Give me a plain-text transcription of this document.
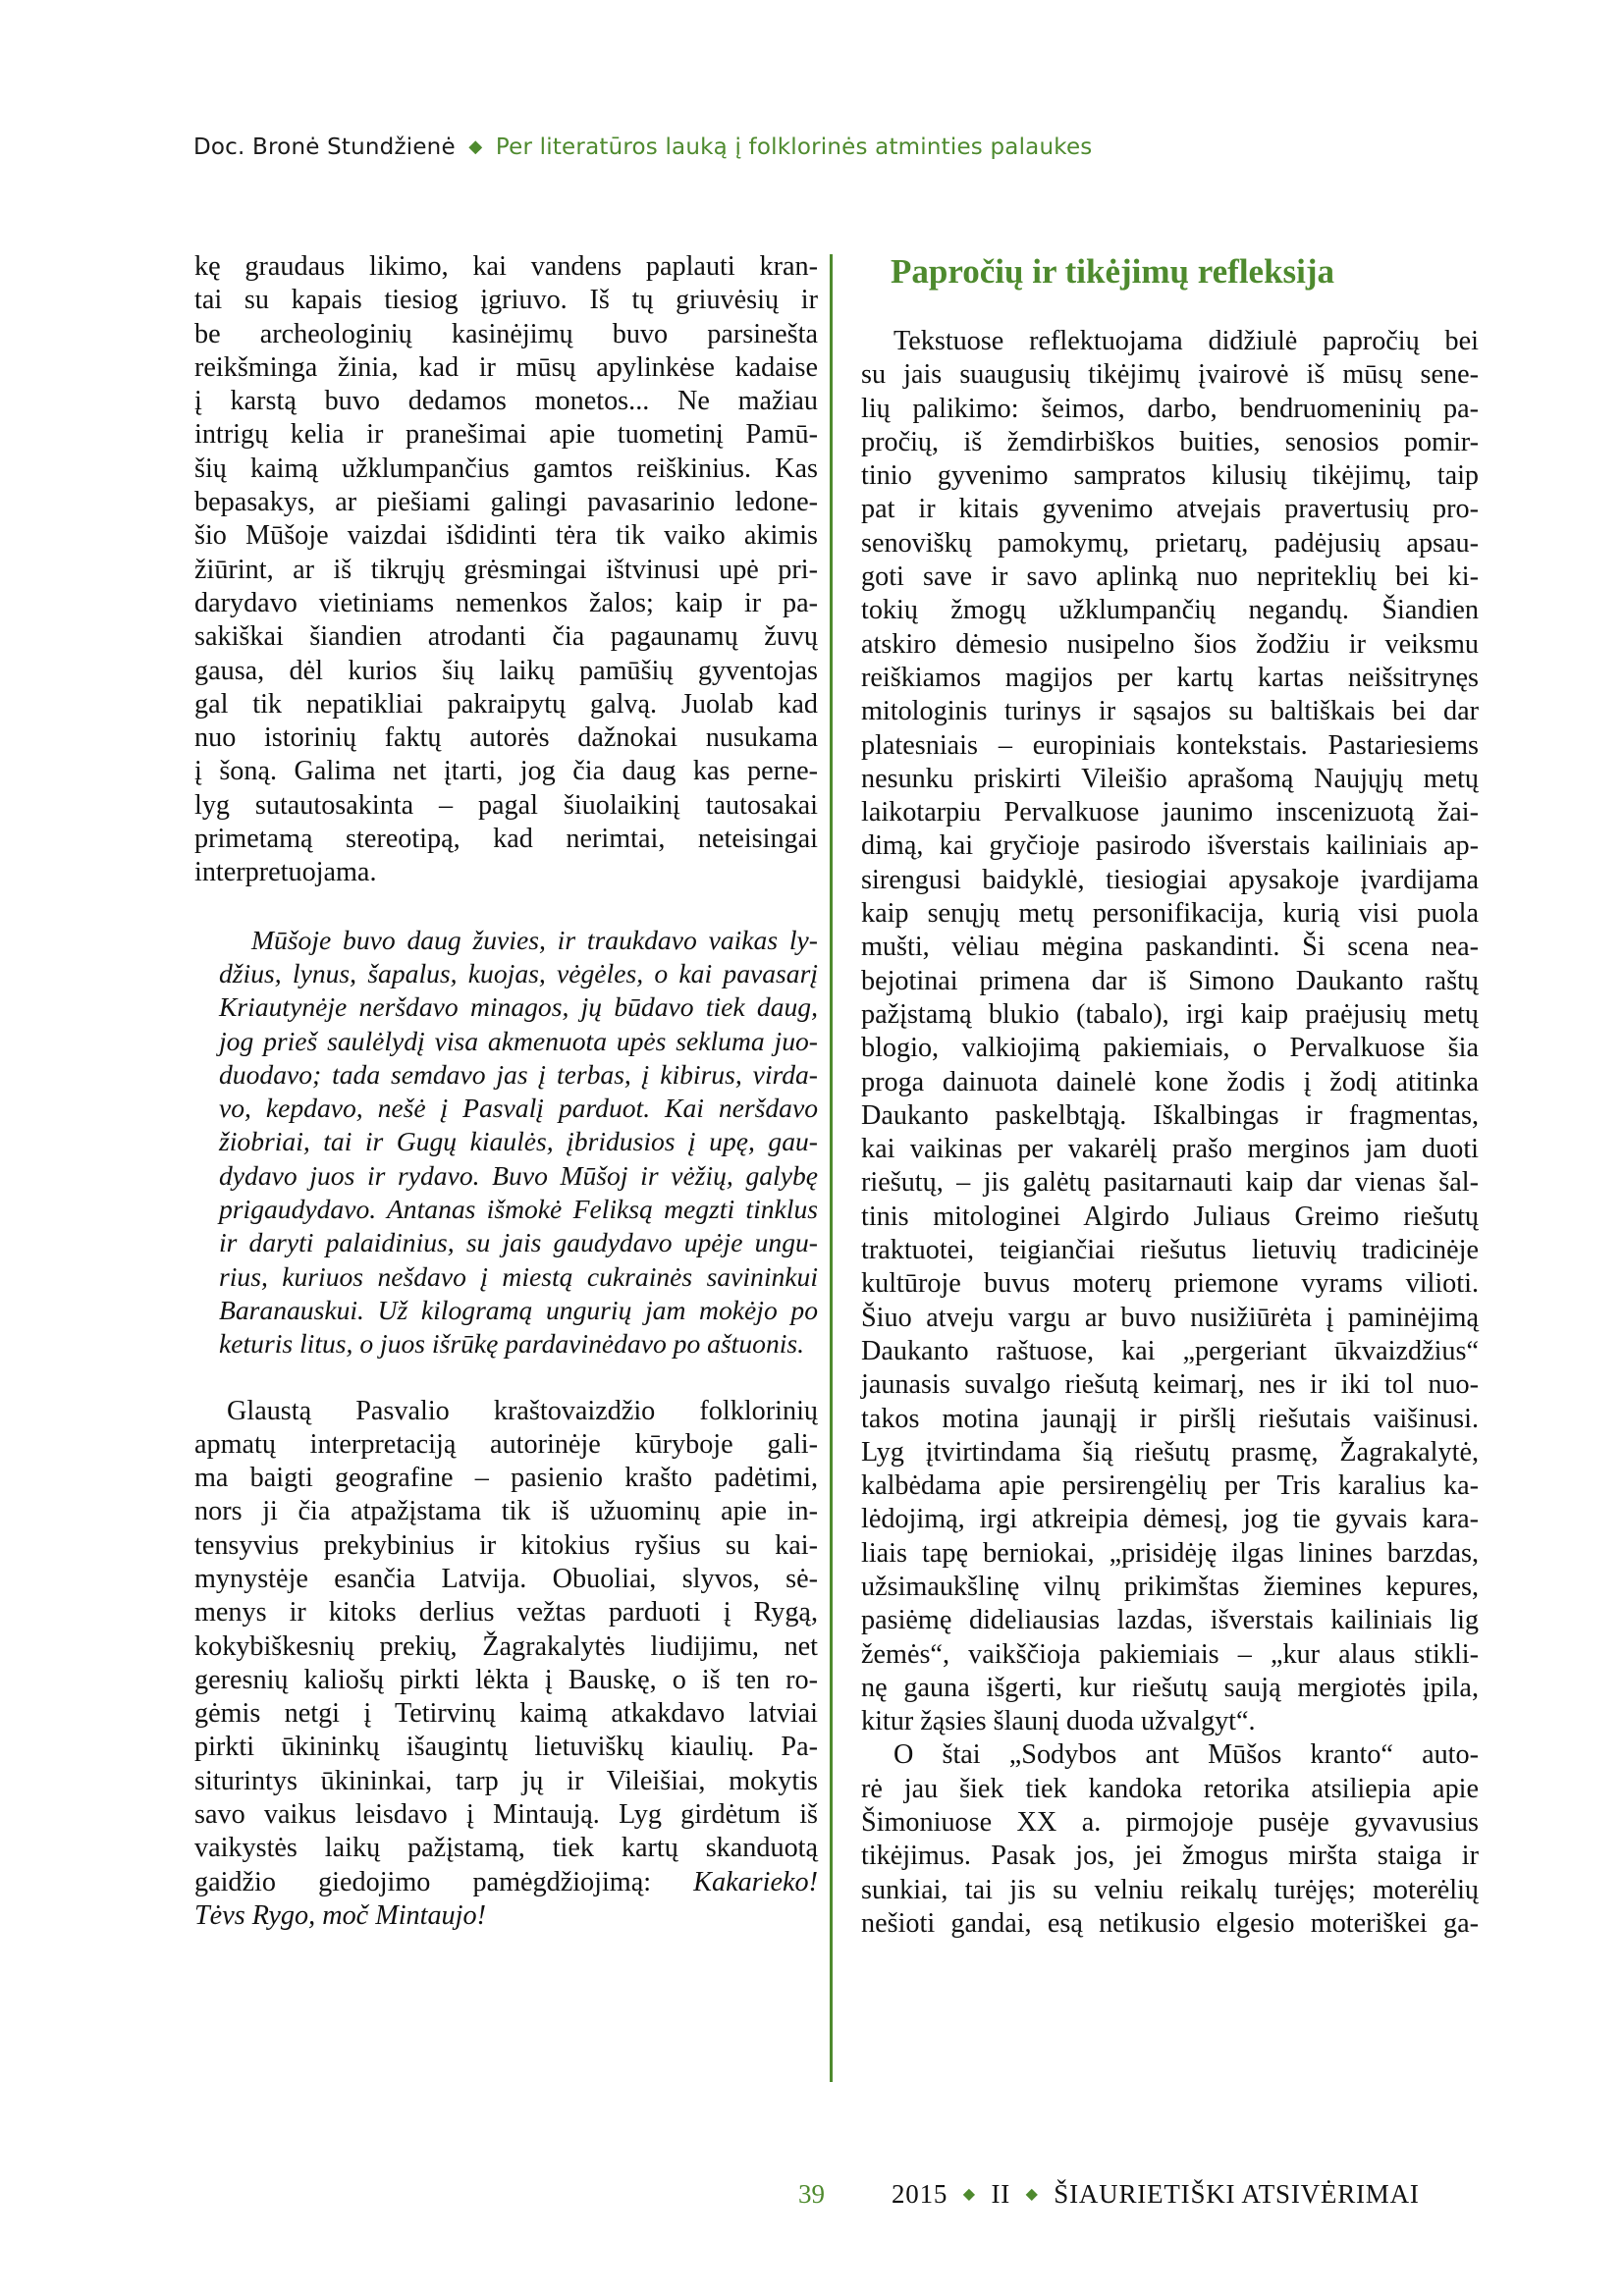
Doc. Bronė Stundžienė ◆ Per literatūros lauką į folklorinės atminties palaukes
kę graudaus likimo, kai vandens paplauti kran-
tai su kapais tiesiog įgriuvo. Iš tų griuvėsių ir
be archeologinių kasinėjimų buvo parsinešta
reikšminga žinia, kad ir mūsų apylinkėse kadaise
į karstą buvo dedamos monetos... Ne mažiau
intrigų kelia ir pranešimai apie tuometinį Pamū-
šių kaimą užklumpančius gamtos reiškinius. Kas
bepasakys, ar piešiami galingi pavasarinio ledone-
šio Mūšoje vaizdai išdidinti tėra tik vaiko akimis
žiūrint, ar iš tikrųjų grėsmingai ištvinusi upė pri-
darydavo vietiniams nemenkos žalos; kaip ir pa-
sakiškai šiandien atrodanti čia pagaunamų žuvų
gausa, dėl kurios šių laikų pamūšių gyventojas
gal tik nepatikliai pakraipytų galvą. Juolab kad
nuo istorinių faktų autorės dažnokai nusukama
į šoną. Galima net įtarti, jog čia daug kas perne-
lyg sutautosakinta – pagal šiuolaikinį tautosakai
primetamą stereotipą, kad nerimtai, neteisingai
interpretuojama.
Mūšoje buvo daug žuvies, ir traukdavo vaikas ly-
džius, lynus, šapalus, kuojas, vėgėles, o kai pavasarį
Kriautynėje neršdavo minagos, jų būdavo tiek daug,
jog prieš saulėlydį visa akmenuota upės sekluma juo-
duodavo; tada semdavo jas į terbas, į kibirus, virda-
vo, kepdavo, nešė į Pasvalį parduot. Kai neršdavo
žiobriai, tai ir Gugų kiaulės, įbridusios į upę, gau-
dydavo juos ir rydavo. Buvo Mūšoj ir vėžių, galybę
prigaudydavo. Antanas išmokė Feliksą megzti tinklus
ir daryti palaidinius, su jais gaudydavo upėje ungu-
rius, kuriuos nešdavo į miestą cukrainės savininkui
Baranauskui. Už kilogramą ungurių jam mokėjo po
keturis litus, o juos išrūkę pardavinėdavo po aštuonis.
Glaustą Pasvalio kraštovaizdžio folklorinių
apmatų interpretaciją autorinėje kūryboje gali-
ma baigti geografine – pasienio krašto padėtimi,
nors ji čia atpažįstama tik iš užuominų apie in-
tensyvius prekybinius ir kitokius ryšius su kai-
mynystėje esančia Latvija. Obuoliai, slyvos, sė-
menys ir kitoks derlius vežtas parduoti į Rygą,
kokybiškesnių prekių, Žagrakalytės liudijimu, net
geresnių kaliošų pirkti lėkta į Bauskę, o iš ten ro-
gėmis netgi į Tetirvinų kaimą atkakdavo latviai
pirkti ūkininkų išaugintų lietuviškų kiaulių. Pa-
siturintys ūkininkai, tarp jų ir Vileišiai, mokytis
savo vaikus leisdavo į Mintaują. Lyg girdėtum iš
vaikystės laikų pažįstamą, tiek kartų skanduotą
gaidžio giedojimo pamėgdžiojimą: Kakarieko!
Tėvs Rygo, moč Mintaujo!
Papročių ir tikėjimų refleksija
Tekstuose reflektuojama didžiulė papročių bei
su jais suaugusių tikėjimų įvairovė iš mūsų sene-
lių palikimo: šeimos, darbo, bendruomeninių pa-
pročių, iš žemdirbiškos buities, senosios pomir-
tinio gyvenimo sampratos kilusių tikėjimų, taip
pat ir kitais gyvenimo atvejais pravertusių pro-
senoviškų pamokymų, prietarų, padėjusių apsau-
goti save ir savo aplinką nuo nepriteklių bei ki-
tokių žmogų užklumpančių negandų. Šiandien
atskiro dėmesio nusipelno šios žodžiu ir veiksmu
reiškiamos magijos per kartų kartas neišsitrynęs
mitologinis turinys ir sąsajos su baltiškais bei dar
platesniais – europiniais kontekstais. Pastariesiems
nesunku priskirti Vileišio aprašomą Naujųjų metų
laikotarpiu Pervalkuose jaunimo inscenizuotą žai-
dimą, kai gryčioje pasirodo išverstais kailiniais ap-
sirengusi baidyklė, tiesiogiai apysakoje įvardijama
kaip senųjų metų personifikacija, kurią visi puola
mušti, vėliau mėgina paskandinti. Ši scena nea-
bejotinai primena dar iš Simono Daukanto raštų
pažįstamą blukio (tabalo), irgi kaip praėjusių metų
blogio, valkiojimą pakiemiais, o Pervalkuose šia
proga dainuota dainelė kone žodis į žodį atitinka
Daukanto paskelbtąją. Iškalbingas ir fragmentas,
kai vaikinas per vakarėlį prašo merginos jam duoti
riešutų, – jis galėtų pasitarnauti kaip dar vienas šal-
tinis mitologinei Algirdo Juliaus Greimo riešutų
traktuotei, teigiančiai riešutus lietuvių tradicinėje
kultūroje buvus moterų priemone vyrams vilioti.
Šiuo atveju vargu ar buvo nusižiūrėta į paminėjimą
Daukanto raštuose, kai „pergeriant ūkvaizdžius“
jaunasis suvalgo riešutą keimarį, nes ir iki tol nuo-
takos motina jaunąjį ir piršlį riešutais vaišinusi.
Lyg įtvirtindama šią riešutų prasmę, Žagrakalytė,
kalbėdama apie persirengėlių per Tris karalius ka-
lėdojimą, irgi atkreipia dėmesį, jog tie gyvais kara-
liais tapę berniokai, „prisidėję ilgas linines barzdas,
užsimaukšlinę vilnų prikimštas žiemines kepures,
pasiėmę dideliausias lazdas, išverstais kailiniais lig
žemės“, vaikščioja pakiemiais – „kur alaus stikli-
nę gauna išgerti, kur riešutų saują mergiotės įpila,
kitur žąsies šlaunį duoda užvalgyt“.
O štai „Sodybos ant Mūšos kranto“ auto-
rė jau šiek tiek kandoka retorika atsiliepia apie
Šimoniuose XX a. pirmojoje pusėje gyvavusius
tikėjimus. Pasak jos, jei žmogus miršta staiga ir
sunkiai, tai jis su velniu reikalų turėjęs; moterėlių
nešioti gandai, esą netikusio elgesio moteriškei ga-
39	2015 ◆ II ◆ ŠIAURIETIŠKI ATSIVĖRIMAI
